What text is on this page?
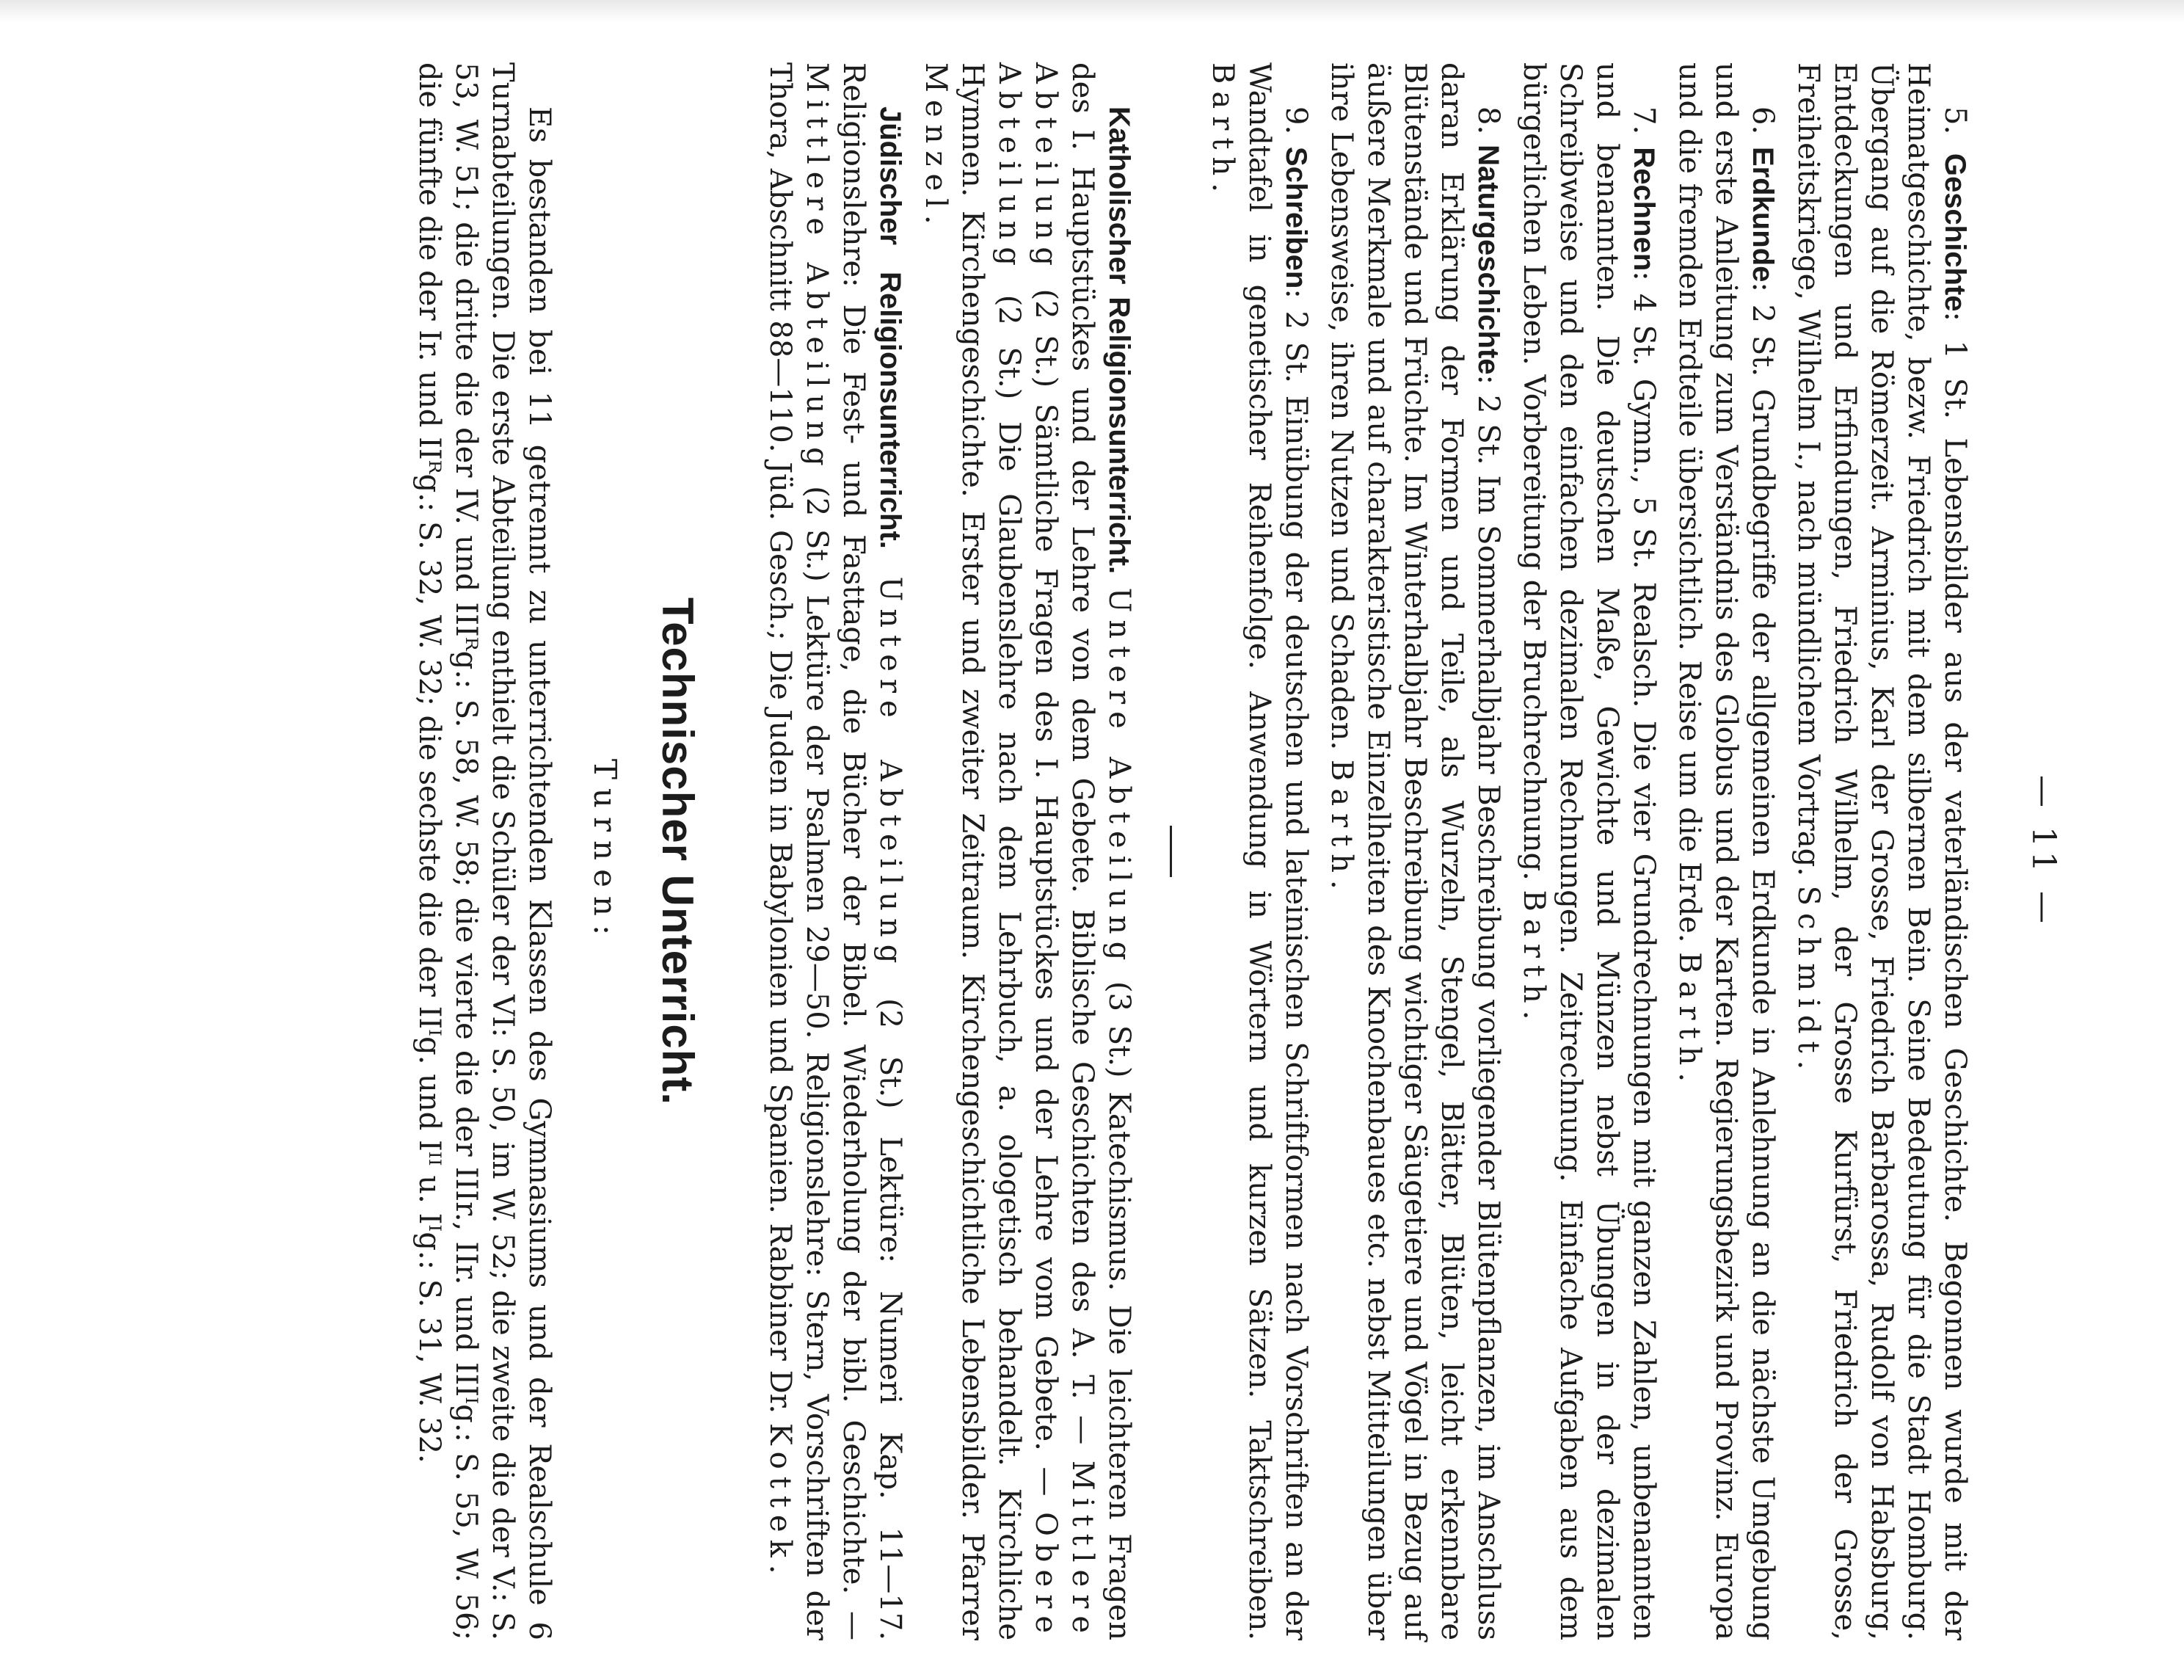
— 11 —

5. Geschichte: 1 St. Lebensbilder aus der vaterländischen Geschichte. Begonnen wurde mit der Heimatgeschichte, bezw. Friedrich mit dem silbernen Bein. Seine Bedeutung für die Stadt Homburg. Übergang auf die Römerzeit. Arminius, Karl der Grosse, Friedrich Barbarossa, Rudolf von Habsburg, Entdeckungen und Erfindungen, Friedrich Wilhelm, der Grosse Kurfürst, Friedrich der Grosse, Freiheitskriege, Wilhelm I., nach mündlichem Vortrag. Schmidt.

6. Erdkunde: 2 St. Grundbegriffe der allgemeinen Erdkunde in Anlehnung an die nächste Umgebung und erste Anleitung zum Verständnis des Globus und der Karten. Regierungsbezirk und Provinz. Europa und die fremden Erdteile übersichtlich. Reise um die Erde. Barth.

7. Rechnen: 4 St. Gymn., 5 St. Realsch. Die vier Grundrechnungen mit ganzen Zahlen, unbenannten und benannten. Die deutschen Maße, Gewichte und Münzen nebst Übungen in der dezimalen Schreibweise und den einfachen dezimalen Rechnungen. Zeitrechnung. Einfache Aufgaben aus dem bürgerlichen Leben. Vorbereitung der Bruchrechnung. Barth.

8. Naturgeschichte: 2 St. Im Sommerhalbjahr Beschreibung vorliegender Blütenpflanzen, im Anschluss daran Erklärung der Formen und Teile, als Wurzeln, Stengel, Blätter, Blüten, leicht erkennbare Blütenstände und Früchte. Im Winterhalbjahr Beschreibung wichtiger Säugetiere und Vögel in Bezug auf äußere Merkmale und auf charakteristische Einzelheiten des Knochenbaues etc. nebst Mitteilungen über ihre Lebensweise, ihren Nutzen und Schaden. Barth.

9. Schreiben: 2 St. Einübung der deutschen und lateinischen Schriftformen nach Vorschriften an der Wandtafel in genetischer Reihenfolge. Anwendung in Wörtern und kurzen Sätzen. Taktschreiben. Barth.

Katholischer Religionsunterricht. Untere Abteilung (3 St.) Katechismus. Die leichteren Fragen des I. Hauptstückes und der Lehre von dem Gebete. Biblische Geschichten des A. T. — Mittlere Abteilung (2 St.) Sämtliche Fragen des I. Hauptstückes und der Lehre vom Gebete. — Obere Abteilung (2 St.) Die Glaubenslehre nach dem Lehrbuch, a. ologetisch behandelt. Kirchliche Hymnen. Kirchengeschichte. Erster und zweiter Zeitraum. Kirchengeschichtliche Lebensbilder. Pfarrer Menzel.

Jüdischer Religionsunterricht. Untere Abteilung (2 St.) Lektüre: Numeri Kap. 11—17. Religionslehre: Die Fest- und Fasttage, die Bücher der Bibel. Wiederholung der bibl. Geschichte. — Mittlere Abteilung (2 St.) Lektüre der Psalmen 29—50. Religionslehre: Stern, Vorschriften der Thora, Abschnitt 88—110. Jüd. Gesch.; Die Juden in Babylonien und Spanien. Rabbiner Dr. Kottek.

Technischer Unterricht.
Turnen:

Es bestanden bei 11 getrennt zu unterrichtenden Klassen des Gymnasiums und der Realschule 6 Turnabteilungen. Die erste Abteilung enthielt die Schüler der VI: S. 50, im W. 52; die zweite die der V.: S. 53, W. 51; die dritte die der IV. und IIIᴿg.: S. 58, W. 58; die vierte die der IIIr., IIr. und IIIᴵg.: S. 55, W. 56; die fünfte die der Ir. und IIᴿg.: S. 32, W. 32; die sechste die der IIᴵg. und Iᴵᴵ u. Iᴵg.: S. 31, W. 32.
